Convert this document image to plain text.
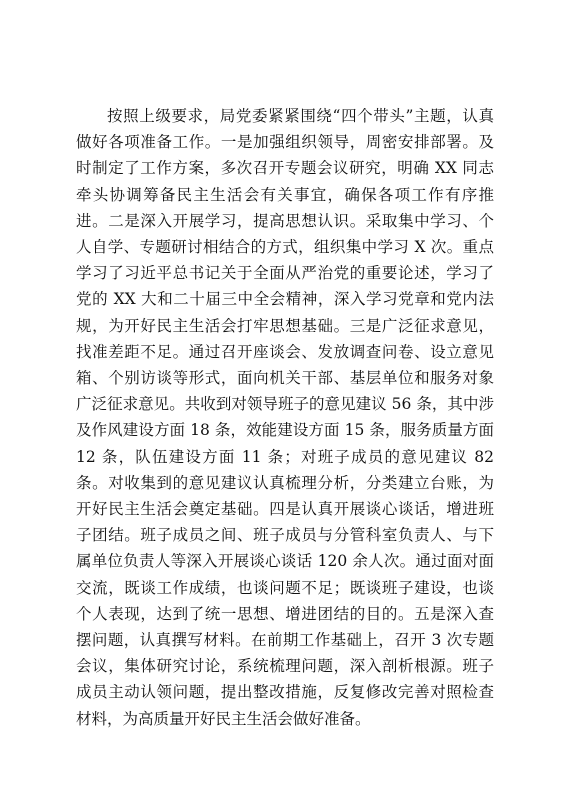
按照上级要求，局党委紧紧围绕“四个带头”主题，认真做好各项准备工作。一是加强组织领导，周密安排部署。及时制定了工作方案，多次召开专题会议研究，明确 XX 同志牵头协调筹备民主生活会有关事宜，确保各项工作有序推进。二是深入开展学习，提高思想认识。采取集中学习、个人自学、专题研讨相结合的方式，组织集中学习 X 次。重点学习了习近平总书记关于全面从严治党的重要论述，学习了党的 XX 大和二十届三中全会精神，深入学习党章和党内法规，为开好民主生活会打牢思想基础。三是广泛征求意见，找准差距不足。通过召开座谈会、发放调查问卷、设立意见箱、个别访谈等形式，面向机关干部、基层单位和服务对象广泛征求意见。共收到对领导班子的意见建议 56 条，其中涉及作风建设方面 18 条，效能建设方面 15 条，服务质量方面 12 条，队伍建设方面 11 条；对班子成员的意见建议 82 条。对收集到的意见建议认真梳理分析，分类建立台账，为开好民主生活会奠定基础。四是认真开展谈心谈话，增进班子团结。班子成员之间、班子成员与分管科室负责人、与下属单位负责人等深入开展谈心谈话 120 余人次。通过面对面交流，既谈工作成绩，也谈问题不足；既谈班子建设，也谈个人表现，达到了统一思想、增进团结的目的。五是深入查摆问题，认真撰写材料。在前期工作基础上，召开 3 次专题会议，集体研究讨论，系统梳理问题，深入剖析根源。班子成员主动认领问题，提出整改措施，反复修改完善对照检查材料，为高质量开好民主生活会做好准备。
